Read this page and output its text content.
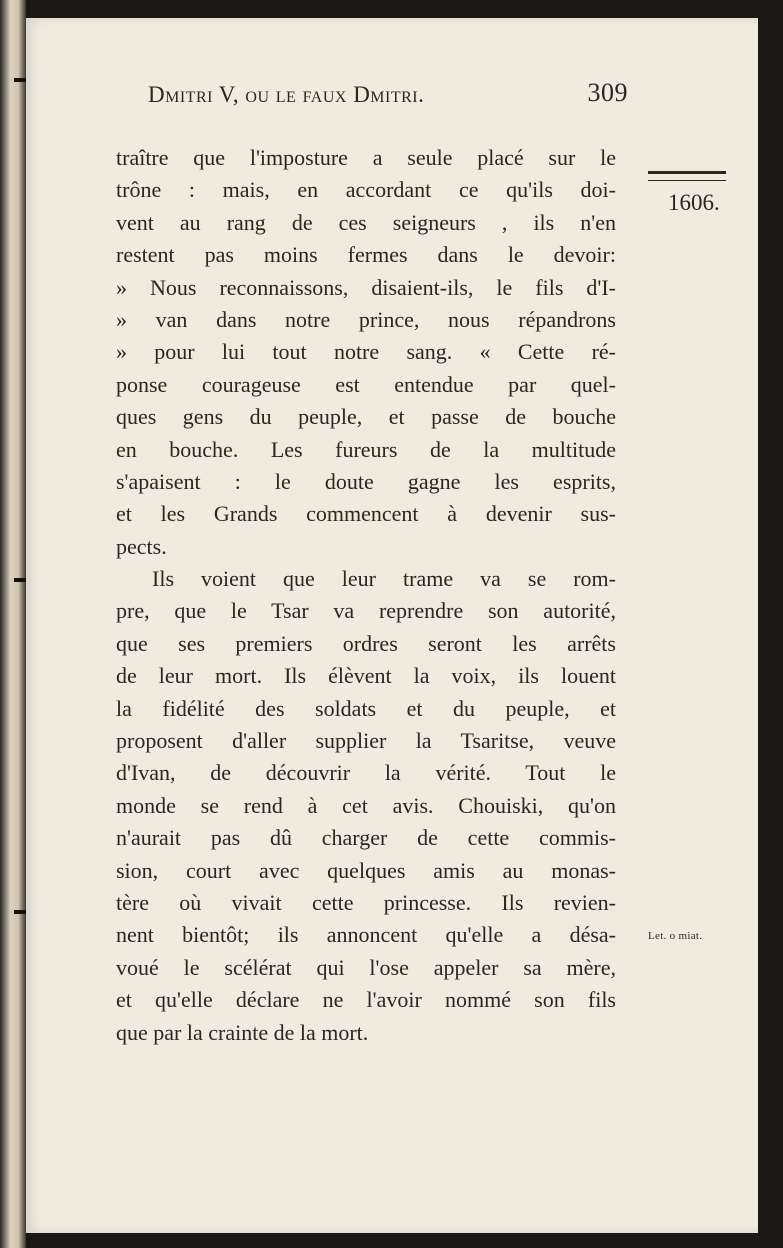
1606.
Let. o miat.
Dmitri V, ou le faux Dmitri.	309
traître que l'imposture a seule placé sur le
trône : mais, en accordant ce qu'ils doi-
vent au rang de ces seigneurs , ils n'en
restent pas moins fermes dans le devoir:
» Nous reconnaissons, disaient-ils, le fils d'I-
» van dans notre prince, nous répandrons
» pour lui tout notre sang. « Cette ré-
ponse courageuse est entendue par quel-
ques gens du peuple, et passe de bouche
en bouche. Les fureurs de la multitude
s'apaisent : le doute gagne les esprits,
et les Grands commencent à devenir sus-
pects.
Ils voient que leur trame va se rom-
pre, que le Tsar va reprendre son autorité,
que ses premiers ordres seront les arrêts
de leur mort. Ils élèvent la voix, ils louent
la fidélité des soldats et du peuple, et
proposent d'aller supplier la Tsaritse, veuve
d'Ivan, de découvrir la vérité. Tout le
monde se rend à cet avis. Chouiski, qu'on
n'aurait pas dû charger de cette commis-
sion, court avec quelques amis au monas-
tère où vivait cette princesse. Ils revien-
nent bientôt; ils annoncent qu'elle a désa-
voué le scélérat qui l'ose appeler sa mère,
et qu'elle déclare ne l'avoir nommé son fils
que par la crainte de la mort.
